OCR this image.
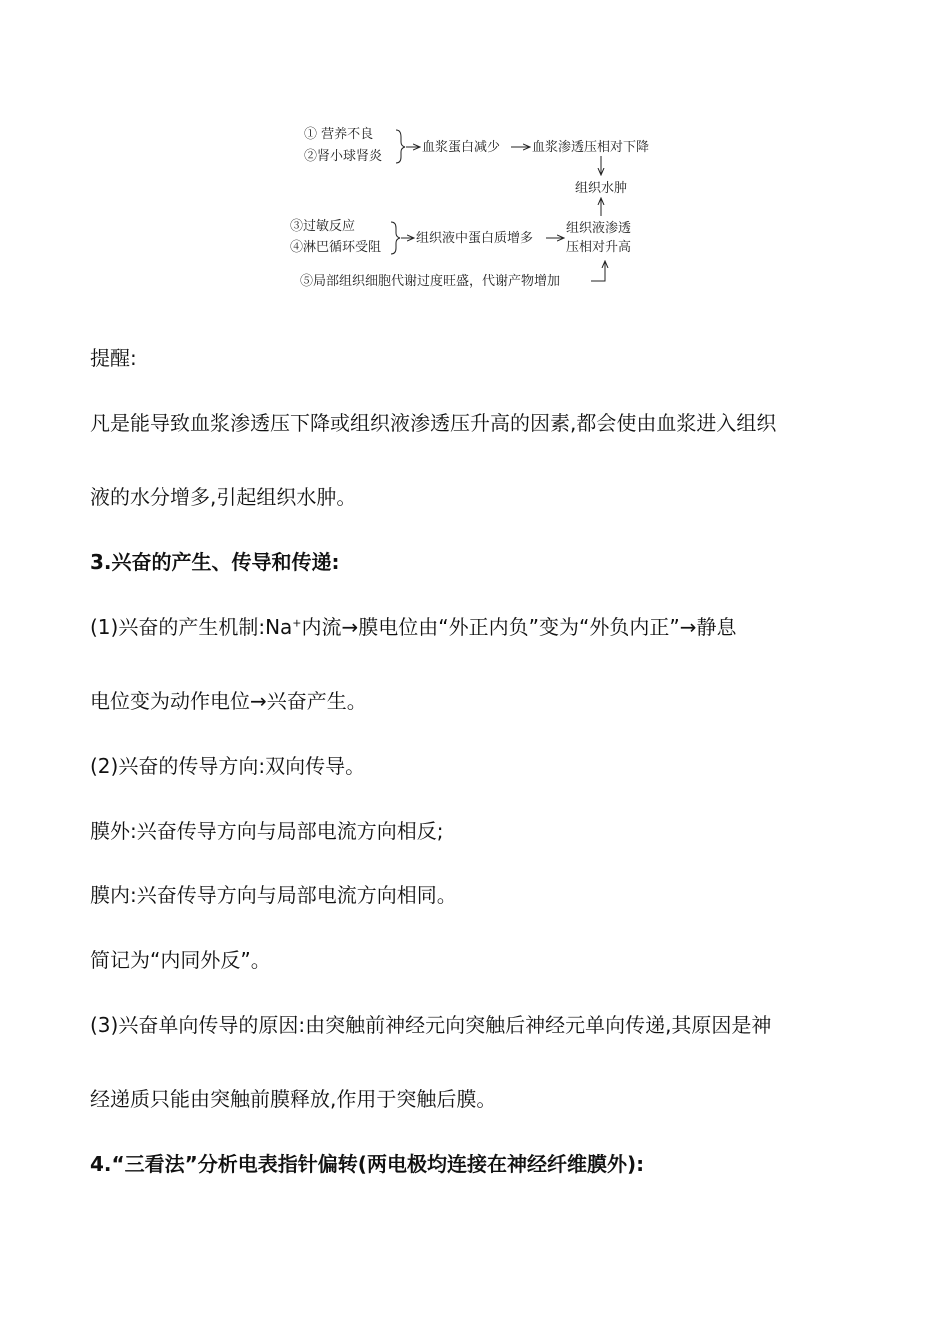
① 营养不良
②肾小球肾炎
血浆蛋白减少 血浆渗透压相对下降
组织水肿
③过敏反应
④淋巴循环受阻
组织液中蛋白质增多
组织液渗透
压相对升高
⑤局部组织细胞代谢过度旺盛，代谢产物增加

提醒:

凡是能导致血浆渗透压下降或组织液渗透压升高的因素,都会使由血浆进入组织

液的水分增多,引起组织水肿。

3.兴奋的产生、传导和传递:

(1)兴奋的产生机制:Na+内流→膜电位由“外正内负”变为“外负内正”→静息

电位变为动作电位→兴奋产生。

(2)兴奋的传导方向:双向传导。

膜外:兴奋传导方向与局部电流方向相反;

膜内:兴奋传导方向与局部电流方向相同。

简记为“内同外反”。

(3)兴奋单向传导的原因:由突触前神经元向突触后神经元单向传递,其原因是神

经递质只能由突触前膜释放,作用于突触后膜。

4.“三看法”分析电表指针偏转(两电极均连接在神经纤维膜外):
